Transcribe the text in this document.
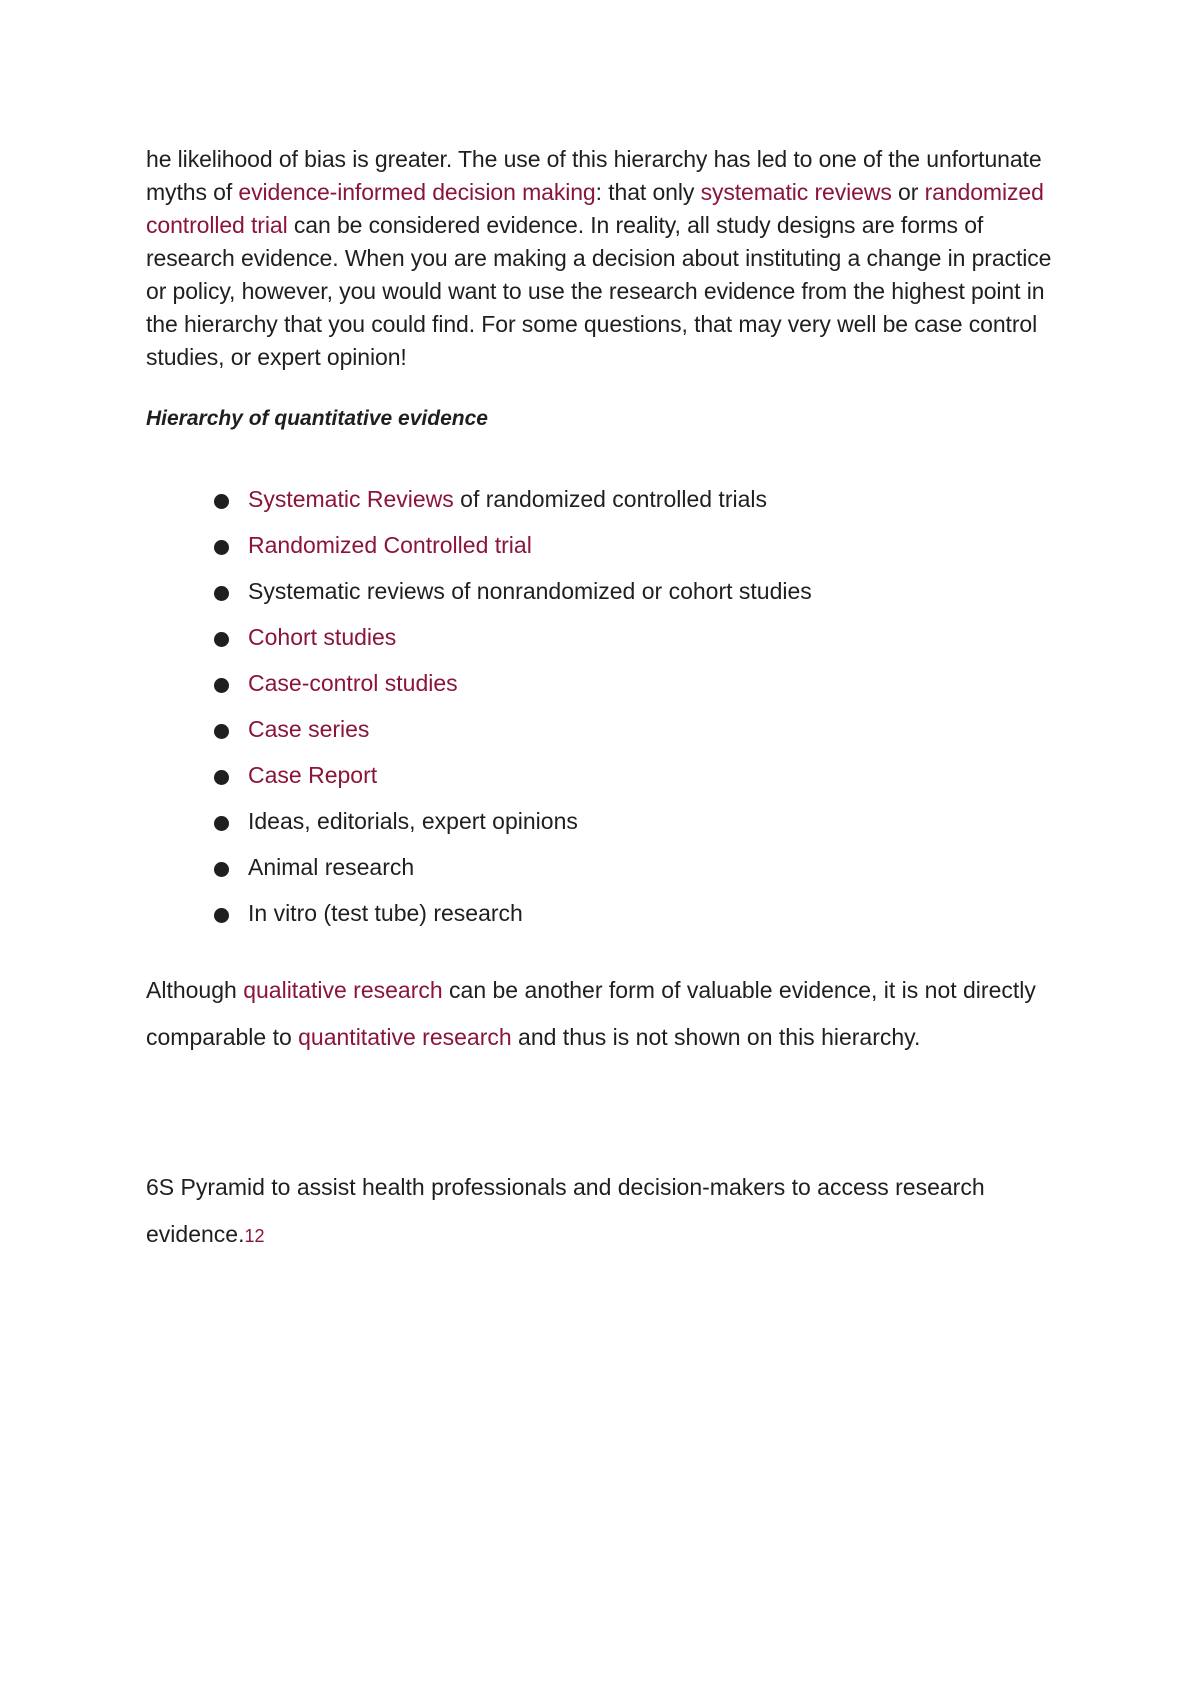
he likelihood of bias is greater. The use of this hierarchy has led to one of the unfortunate myths of evidence-informed decision making: that only systematic reviews or randomized controlled trial can be considered evidence. In reality, all study designs are forms of research evidence. When you are making a decision about instituting a change in practice or policy, however, you would want to use the research evidence from the highest point in the hierarchy that you could find. For some questions, that may very well be case control studies, or expert opinion!

Hierarchy of quantitative evidence

Systematic Reviews of randomized controlled trials
Randomized Controlled trial
Systematic reviews of nonrandomized or cohort studies
Cohort studies
Case-control studies
Case series
Case Report
Ideas, editorials, expert opinions
Animal research
In vitro (test tube) research

Although qualitative research can be another form of valuable evidence, it is not directly comparable to quantitative research and thus is not shown on this hierarchy.

6S Pyramid to assist health professionals and decision-makers to access research evidence.12
